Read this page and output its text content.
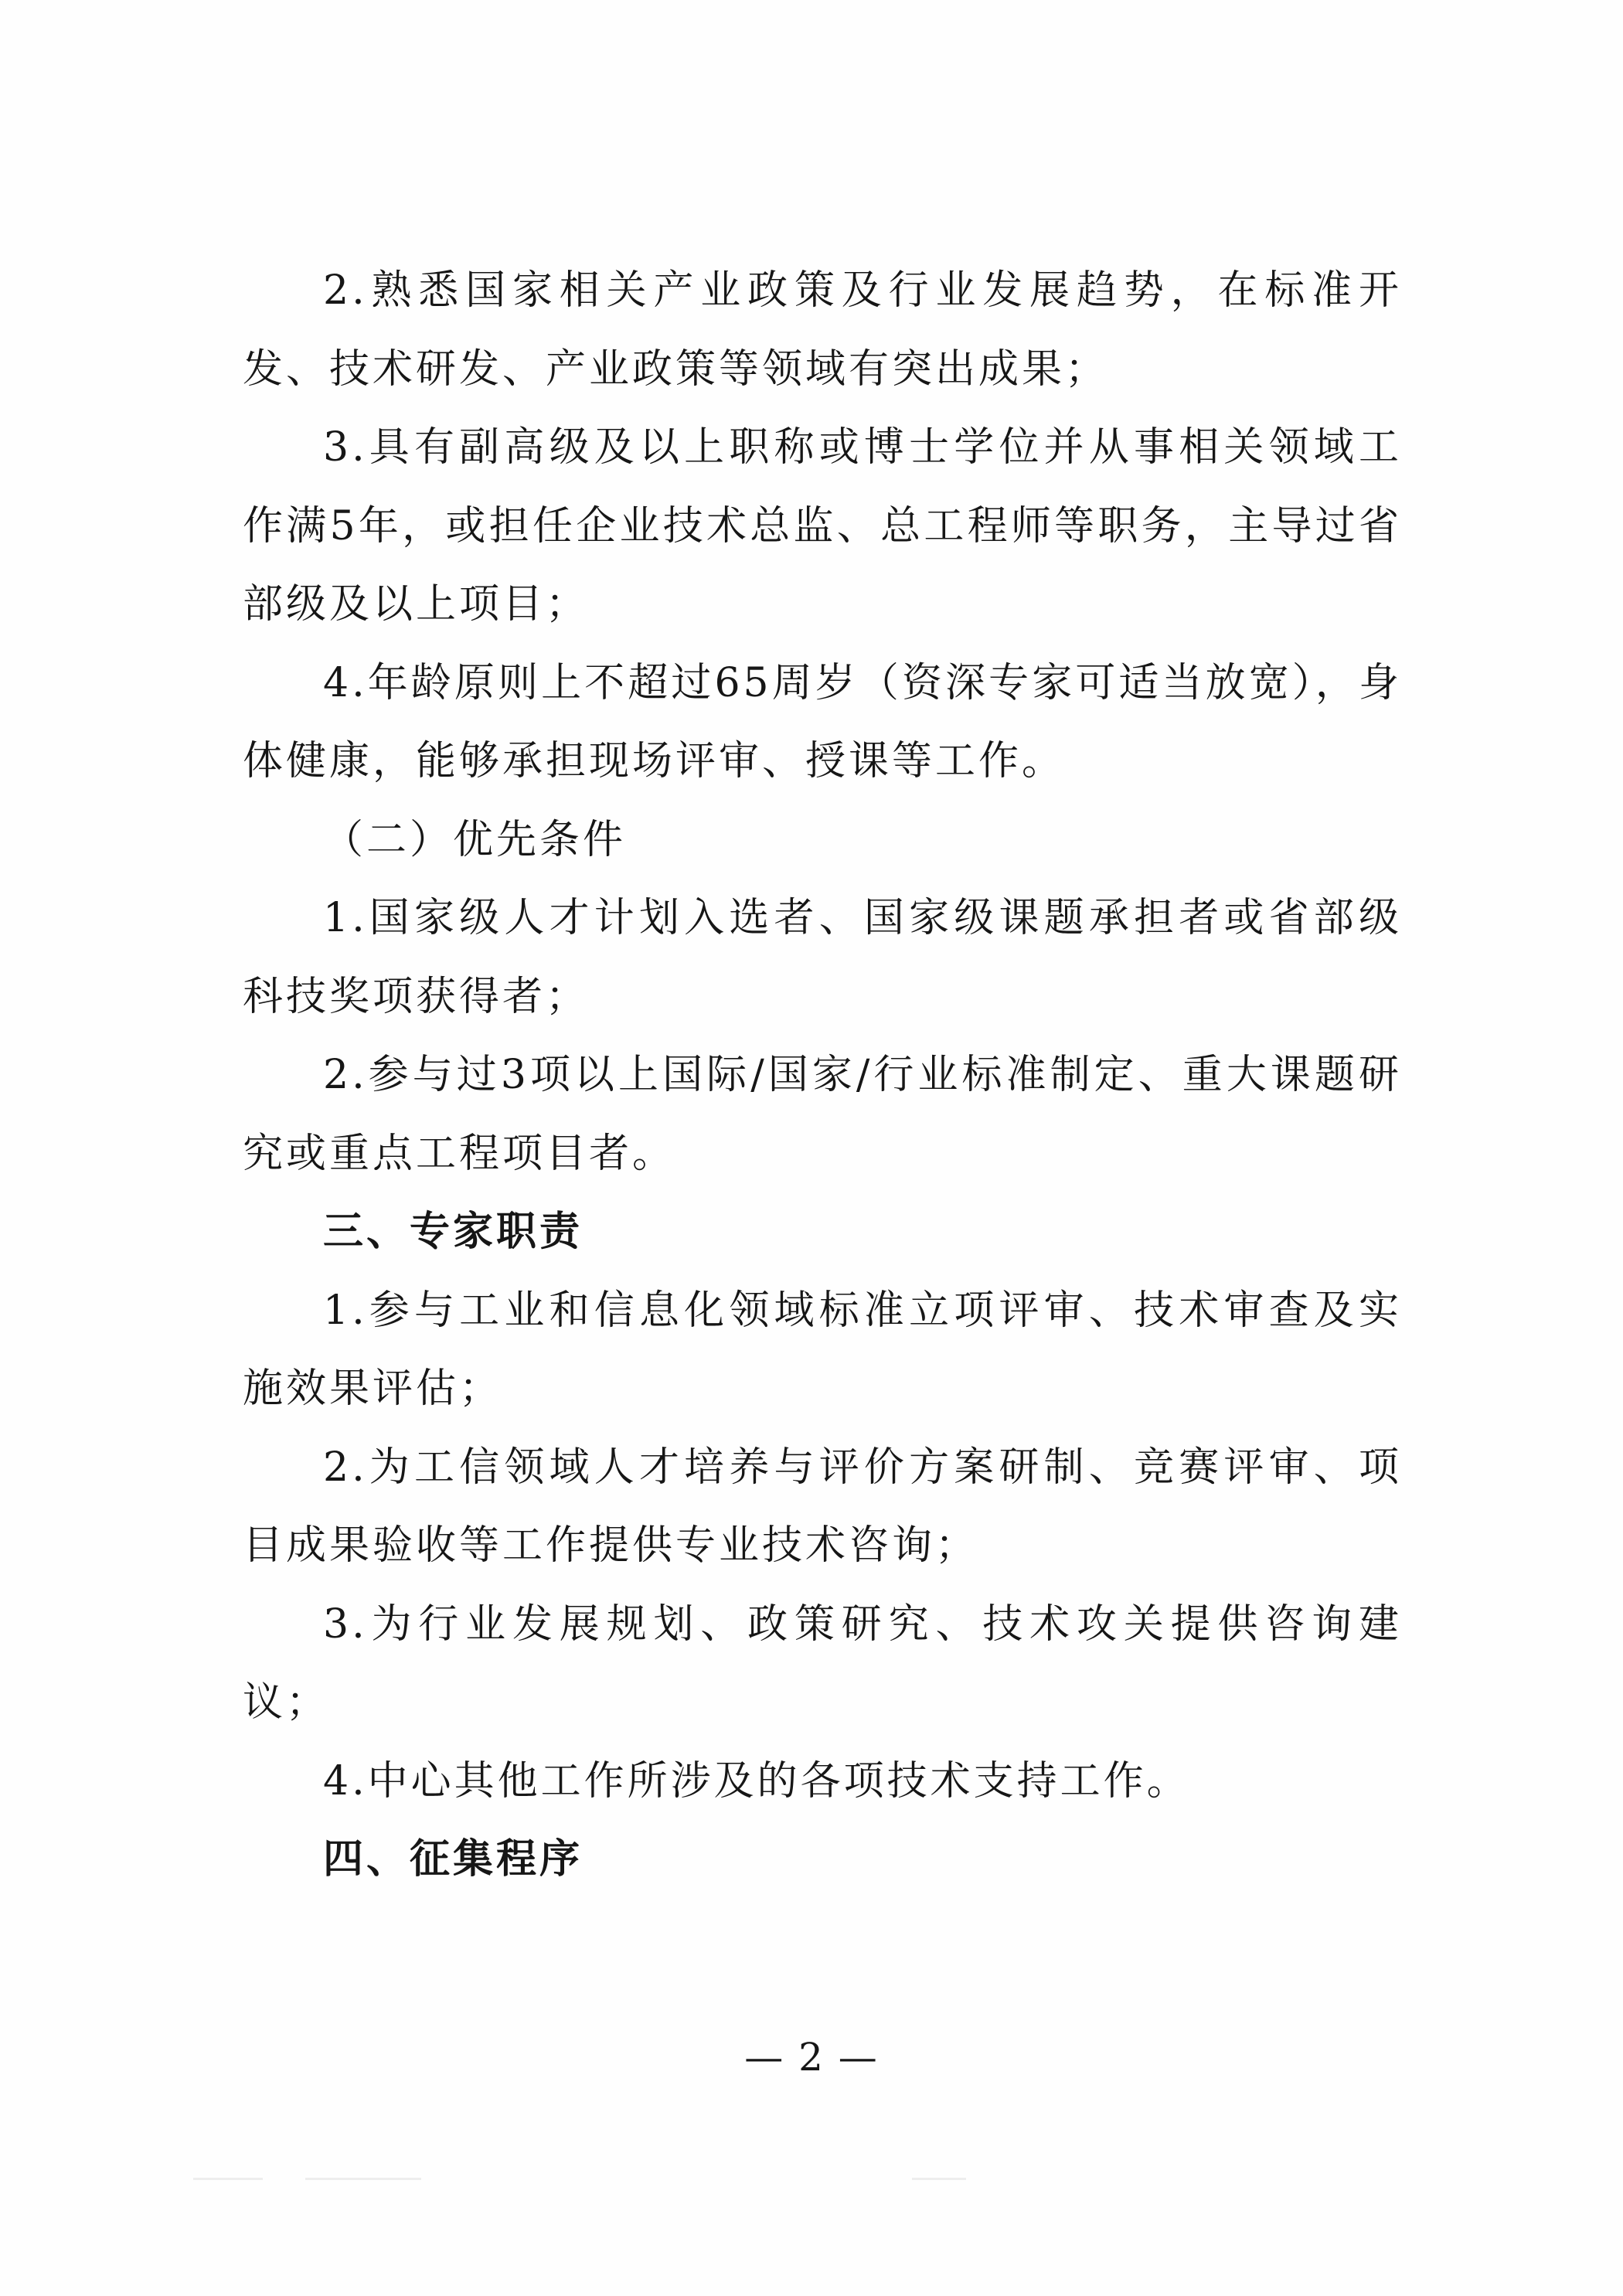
2.熟悉国家相关产业政策及行业发展趋势，在标准开发、技术研发、产业政策等领域有突出成果；

3.具有副高级及以上职称或博士学位并从事相关领域工作满5年，或担任企业技术总监、总工程师等职务，主导过省部级及以上项目；

4.年龄原则上不超过65周岁（资深专家可适当放宽），身体健康，能够承担现场评审、授课等工作。

（二）优先条件

1.国家级人才计划入选者、国家级课题承担者或省部级科技奖项获得者；

2.参与过3项以上国际/国家/行业标准制定、重大课题研究或重点工程项目者。

三、专家职责

1.参与工业和信息化领域标准立项评审、技术审查及实施效果评估；

2.为工信领域人才培养与评价方案研制、竞赛评审、项目成果验收等工作提供专业技术咨询；

3.为行业发展规划、政策研究、技术攻关提供咨询建议；

4.中心其他工作所涉及的各项技术支持工作。

四、征集程序

— 2 —
